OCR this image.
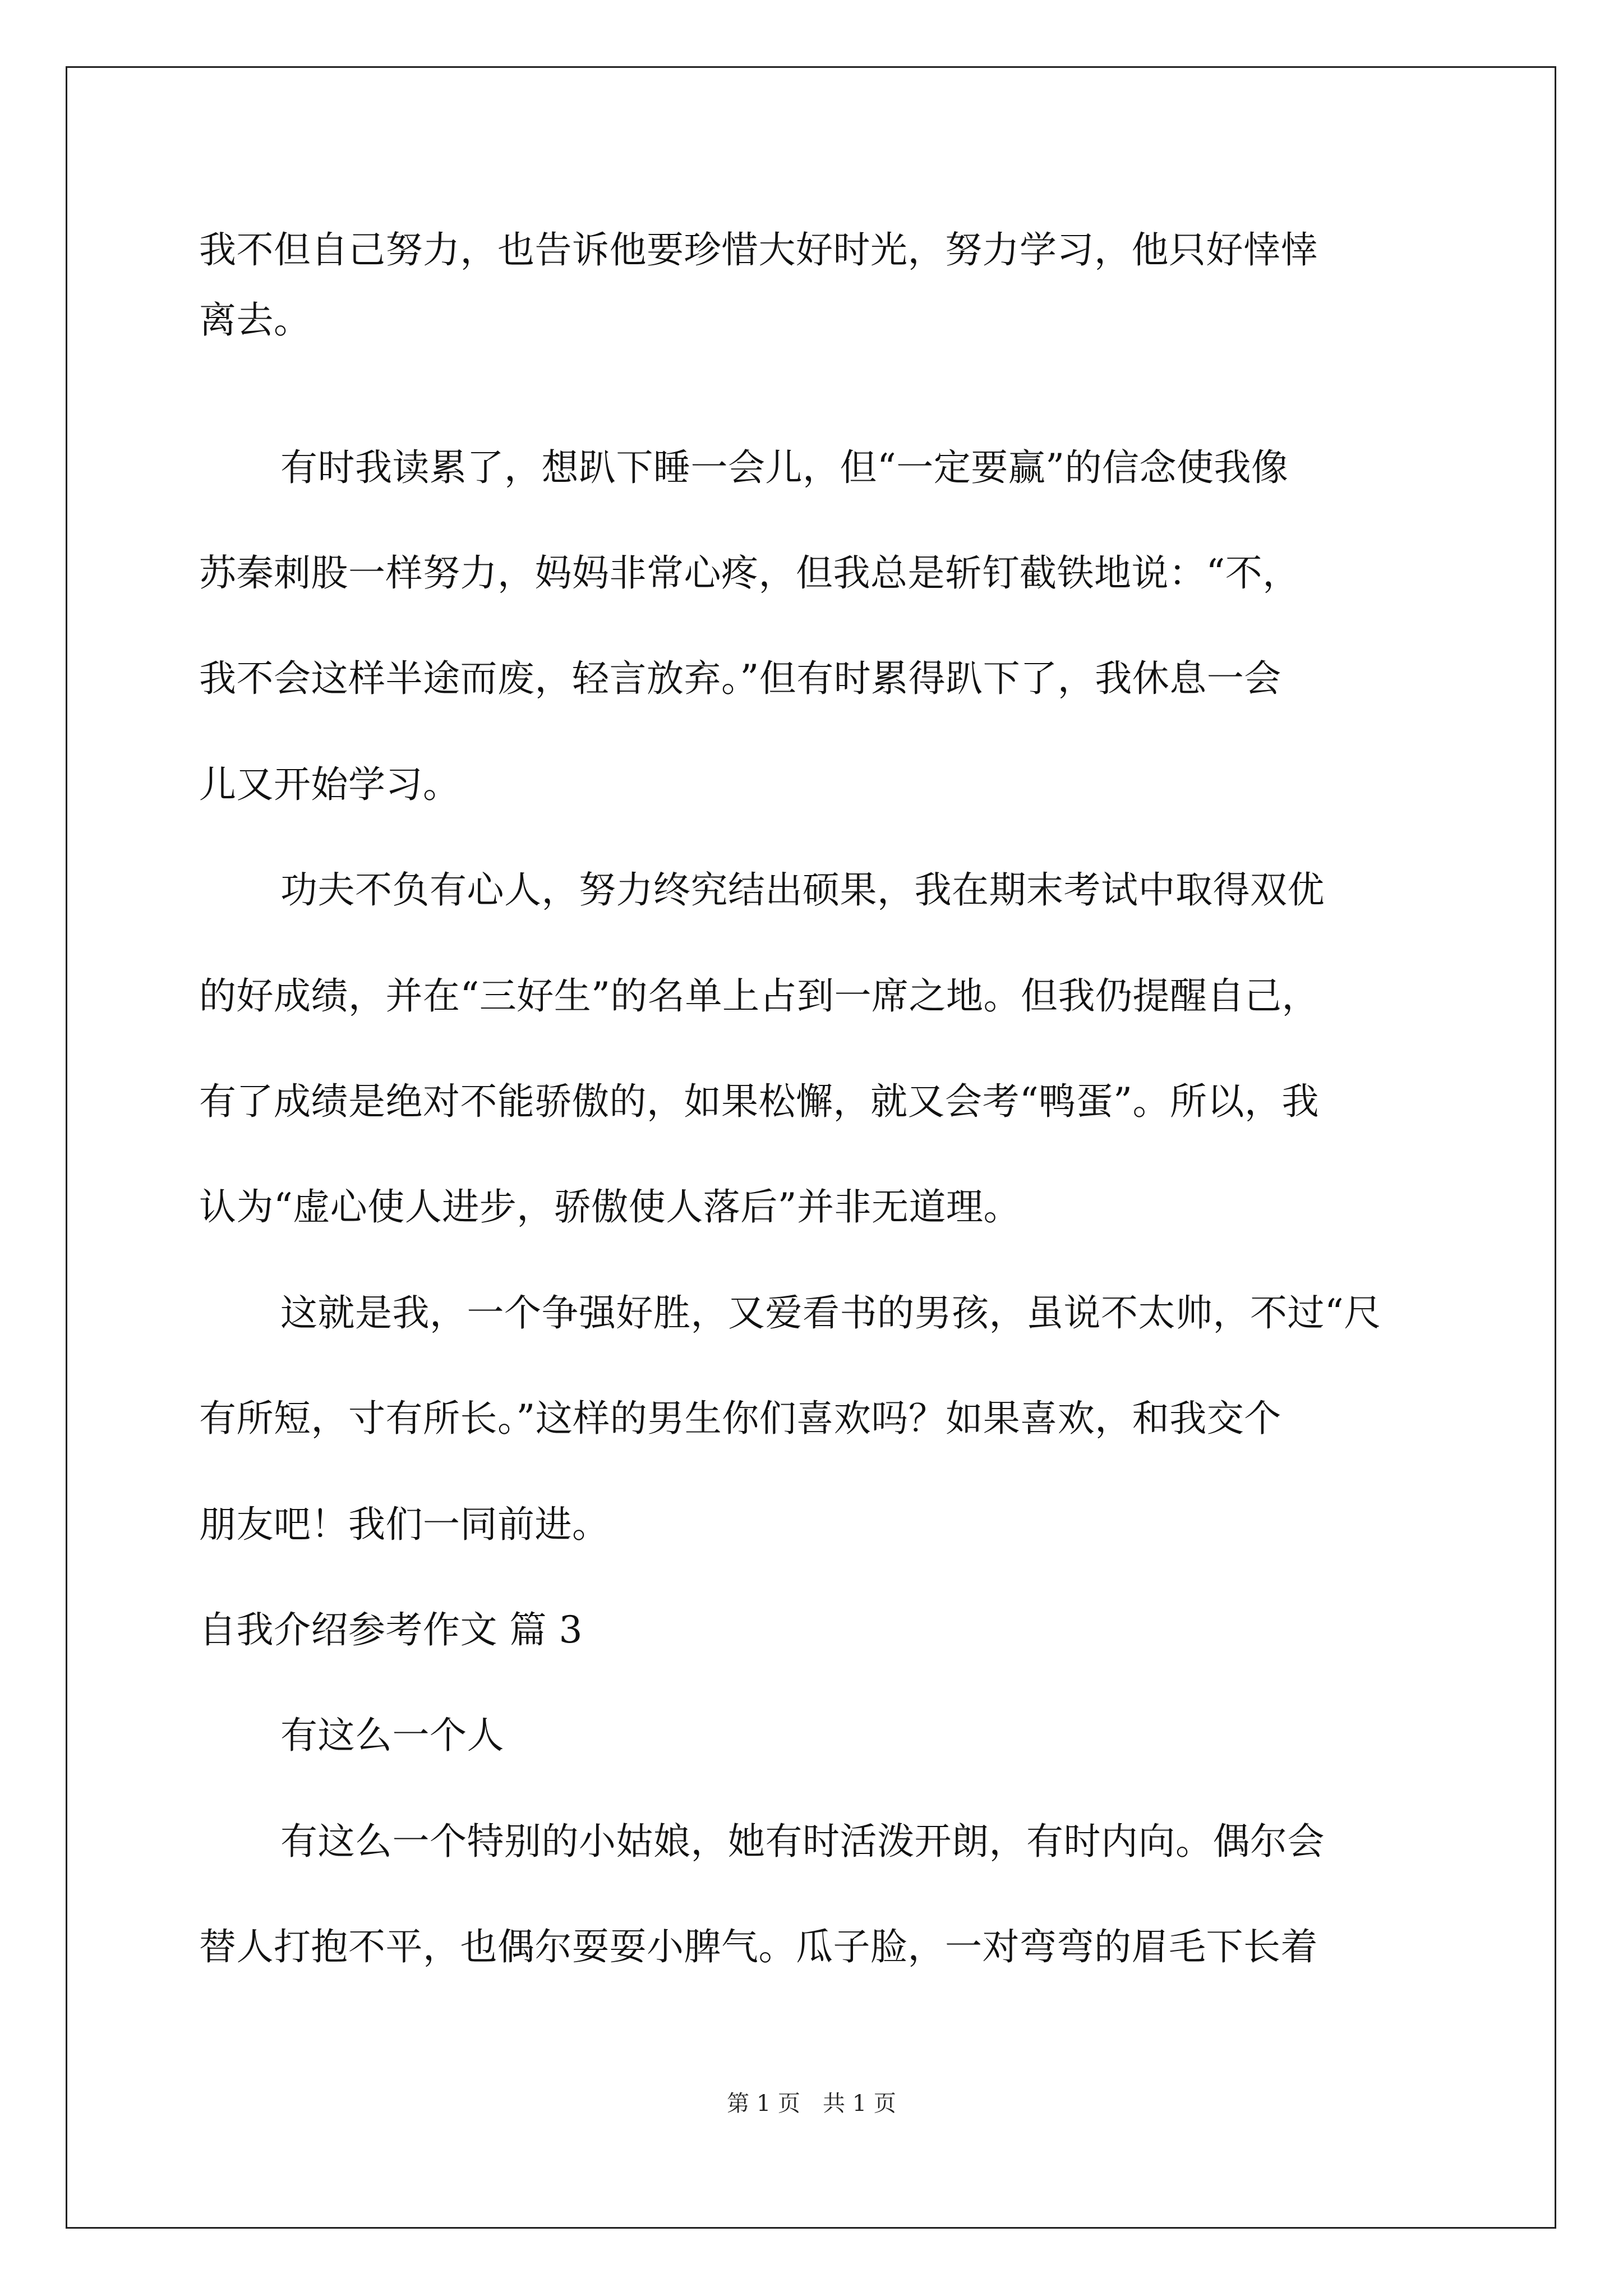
我不但自己努力，也告诉他要珍惜大好时光，努力学习，他只好悻悻
离去。
有时我读累了，想趴下睡一会儿，但“一定要赢”的信念使我像
苏秦刺股一样努力，妈妈非常心疼，但我总是斩钉截铁地说：“不，
我不会这样半途而废，轻言放弃。”但有时累得趴下了，我休息一会
儿又开始学习。
功夫不负有心人，努力终究结出硕果，我在期末考试中取得双优
的好成绩，并在“三好生”的名单上占到一席之地。但我仍提醒自己，
有了成绩是绝对不能骄傲的，如果松懈，就又会考“鸭蛋”。所以，我
认为“虚心使人进步，骄傲使人落后”并非无道理。
这就是我，一个争强好胜，又爱看书的男孩，虽说不太帅，不过“尺
有所短，寸有所长。”这样的男生你们喜欢吗？如果喜欢，和我交个
朋友吧！我们一同前进。
自我介绍参考作文 篇 3
有这么一个人
有这么一个特别的小姑娘，她有时活泼开朗，有时内向。偶尔会
替人打抱不平，也偶尔耍耍小脾气。瓜子脸，一对弯弯的眉毛下长着
第 1 页 共 1 页
